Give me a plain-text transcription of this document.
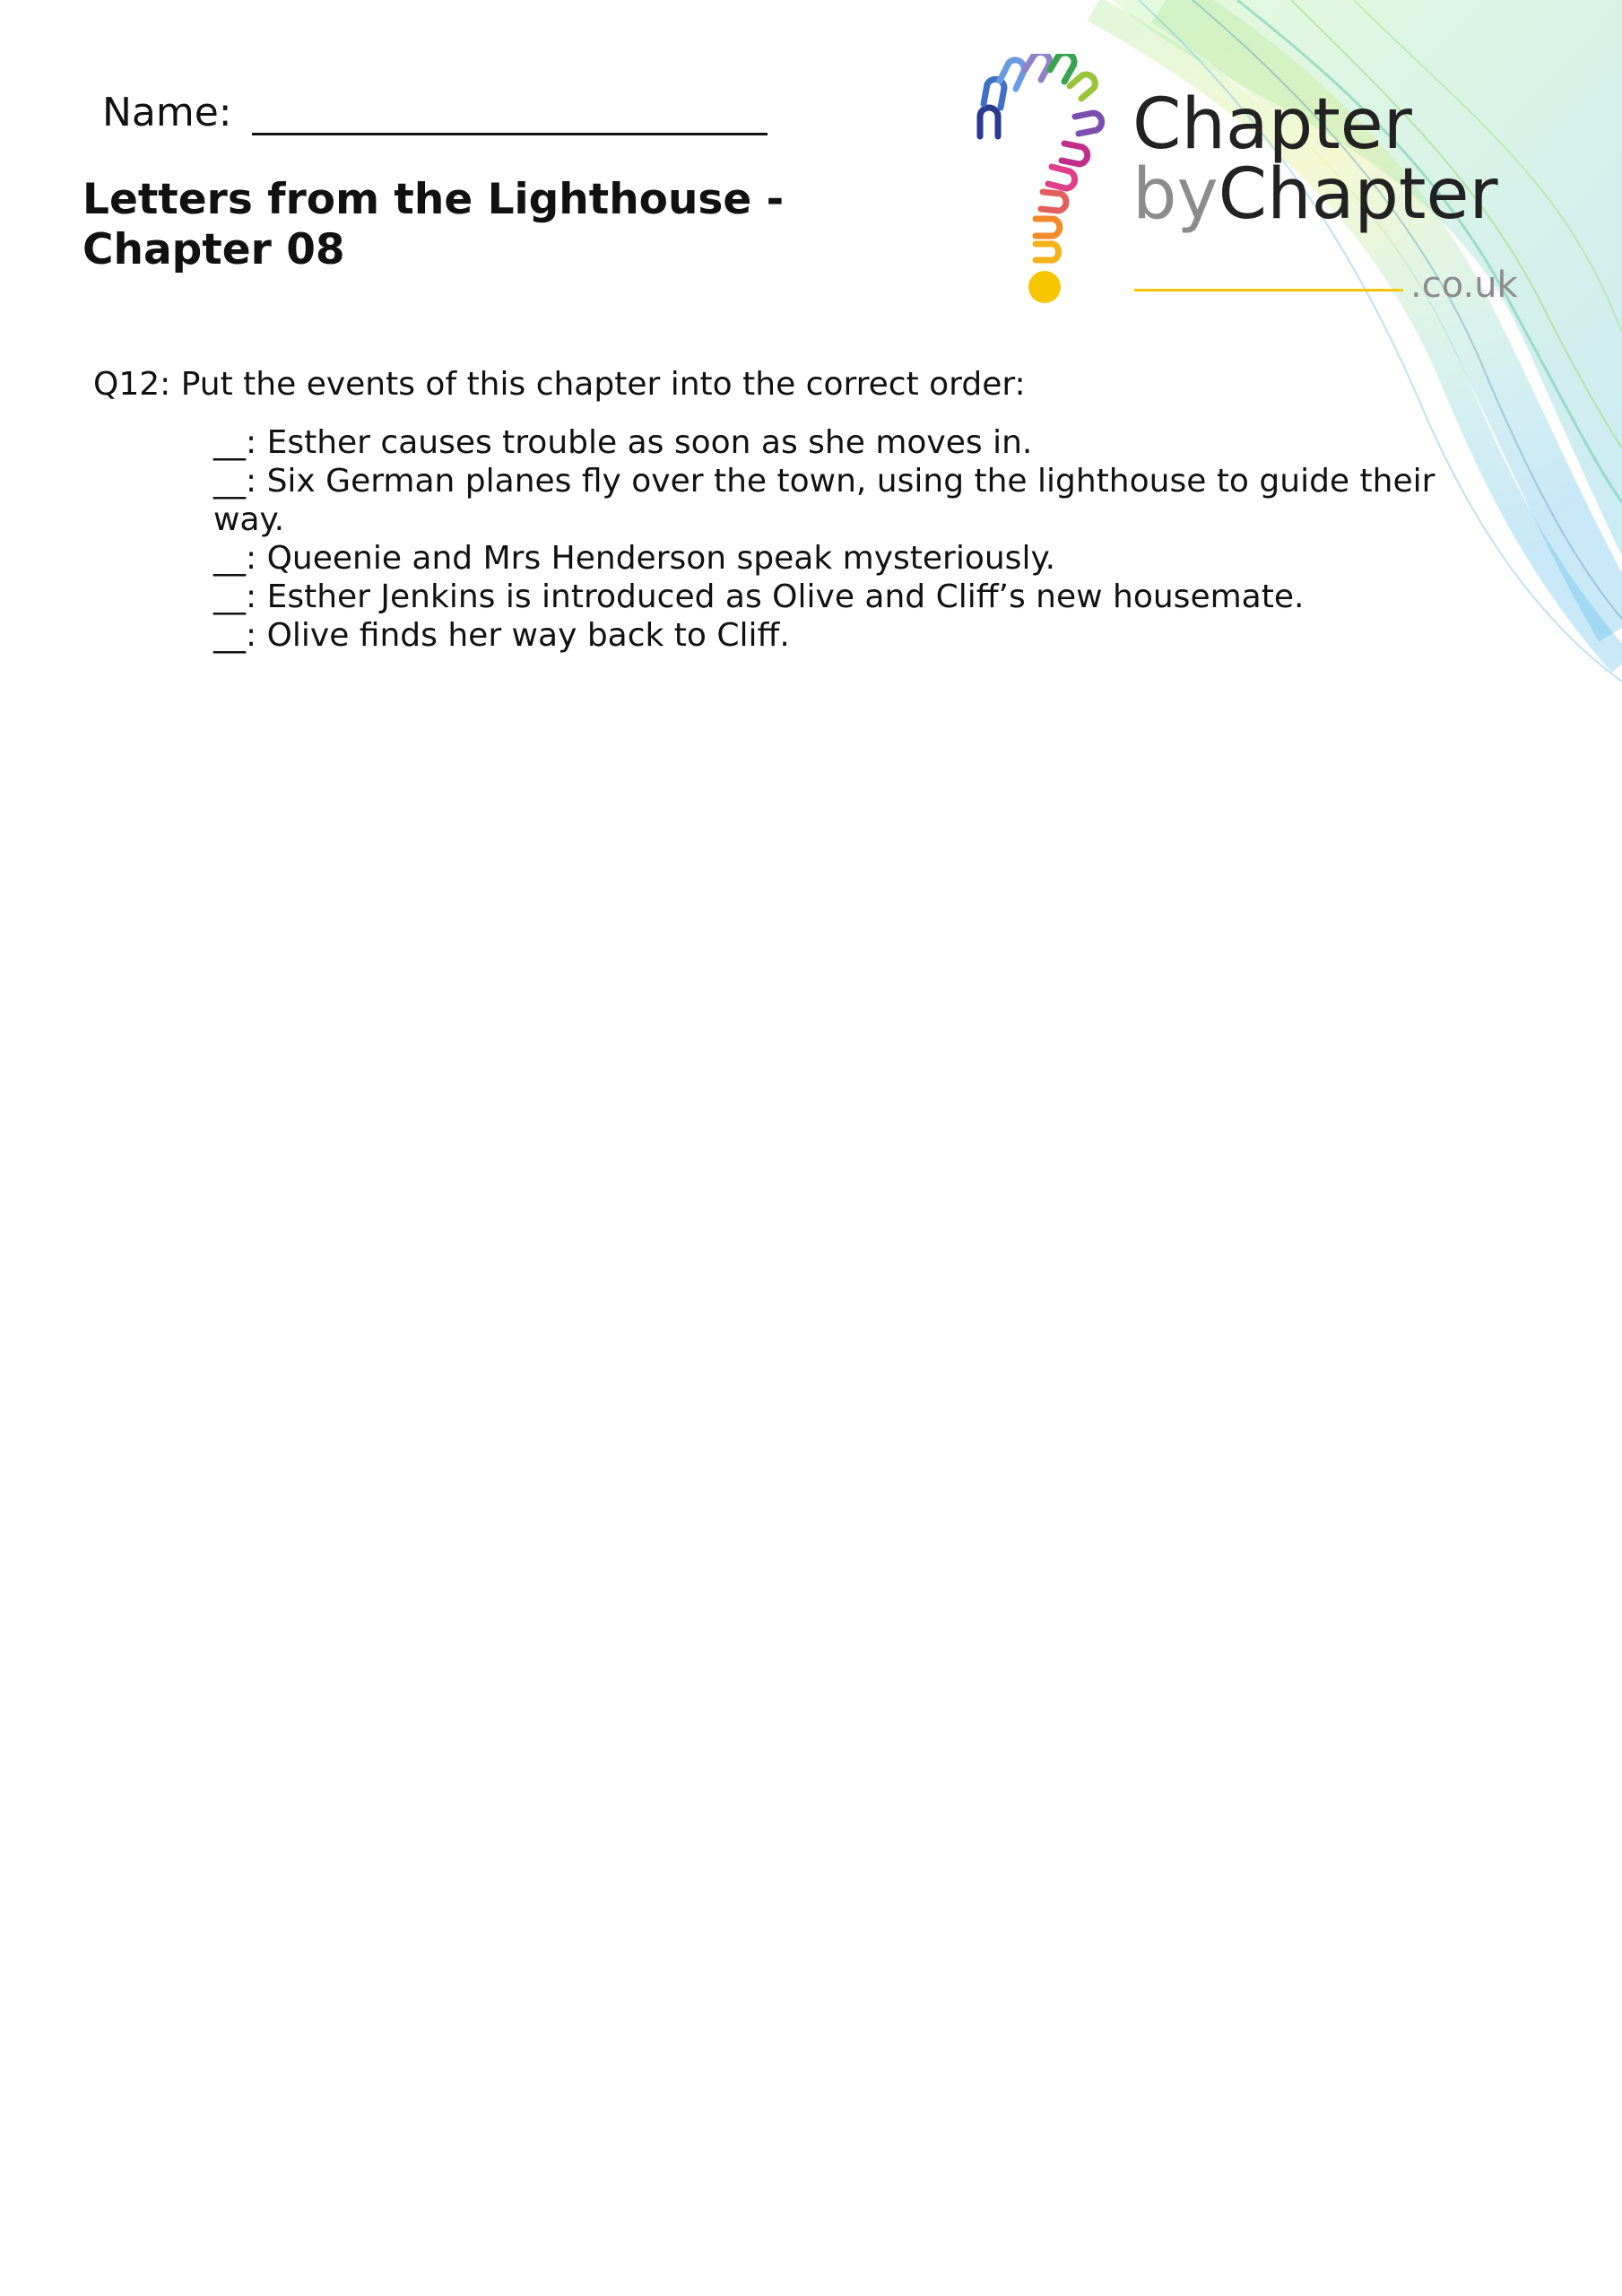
Name:
Letters from the Lighthouse - Chapter 08
Chapter
byChapter
.co.uk
Q12: Put the events of this chapter into the correct order:
__: Esther causes trouble as soon as she moves in.
__: Six German planes fly over the town, using the lighthouse to guide their way.
__: Queenie and Mrs Henderson speak mysteriously.
__: Esther Jenkins is introduced as Olive and Cliff’s new housemate.
__: Olive finds her way back to Cliff.
